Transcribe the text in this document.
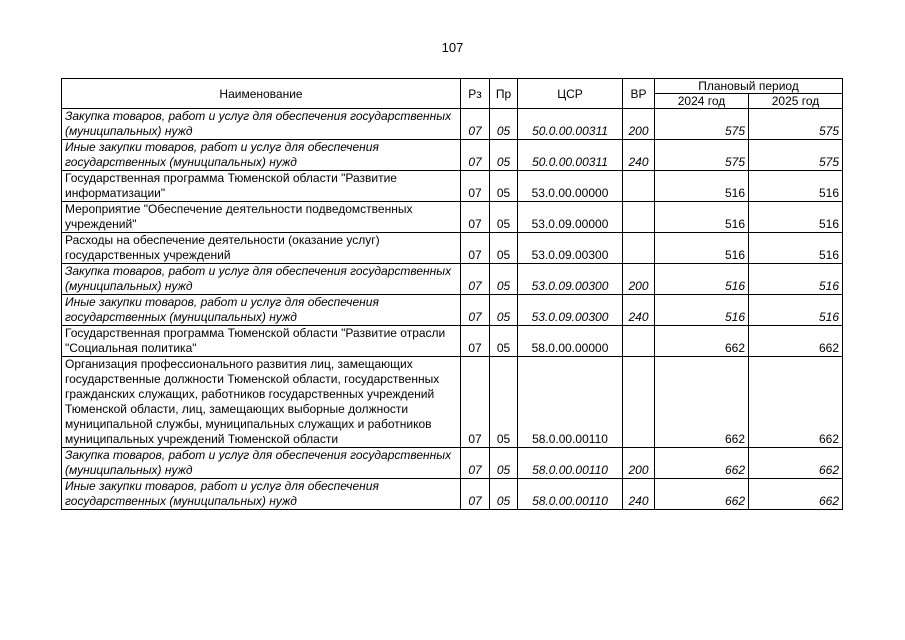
107
Наименование	Рз	Пр	ЦСР	ВР	Плановый период	
					2024 год	2025 год
Закупка товаров, работ и услуг для обеспечения государственных (муниципальных) нужд	07	05	50.0.00.00311	200	575	575
Иные закупки товаров, работ и услуг для обеспечения государственных (муниципальных) нужд	07	05	50.0.00.00311	240	575	575
Государственная программа Тюменской области "Развитие информатизации"	07	05	53.0.00.00000		516	516
Мероприятие "Обеспечение деятельности подведомственных учреждений"	07	05	53.0.09.00000		516	516
Расходы на обеспечение деятельности (оказание услуг) государственных учреждений	07	05	53.0.09.00300		516	516
Закупка товаров, работ и услуг для обеспечения государственных (муниципальных) нужд	07	05	53.0.09.00300	200	516	516
Иные закупки товаров, работ и услуг для обеспечения государственных (муниципальных) нужд	07	05	53.0.09.00300	240	516	516
Государственная программа Тюменской области "Развитие отрасли "Социальная политика"	07	05	58.0.00.00000		662	662
Организация профессионального развития лиц, замещающих государственные должности Тюменской области, государственных гражданских служащих, работников государственных учреждений Тюменской области, лиц, замещающих выборные должности муниципальной службы, муниципальных служащих и работников муниципальных учреждений Тюменской области	07	05	58.0.00.00110		662	662
Закупка товаров, работ и услуг для обеспечения государственных (муниципальных) нужд	07	05	58.0.00.00110	200	662	662
Иные закупки товаров, работ и услуг для обеспечения государственных (муниципальных) нужд	07	05	58.0.00.00110	240	662	662
